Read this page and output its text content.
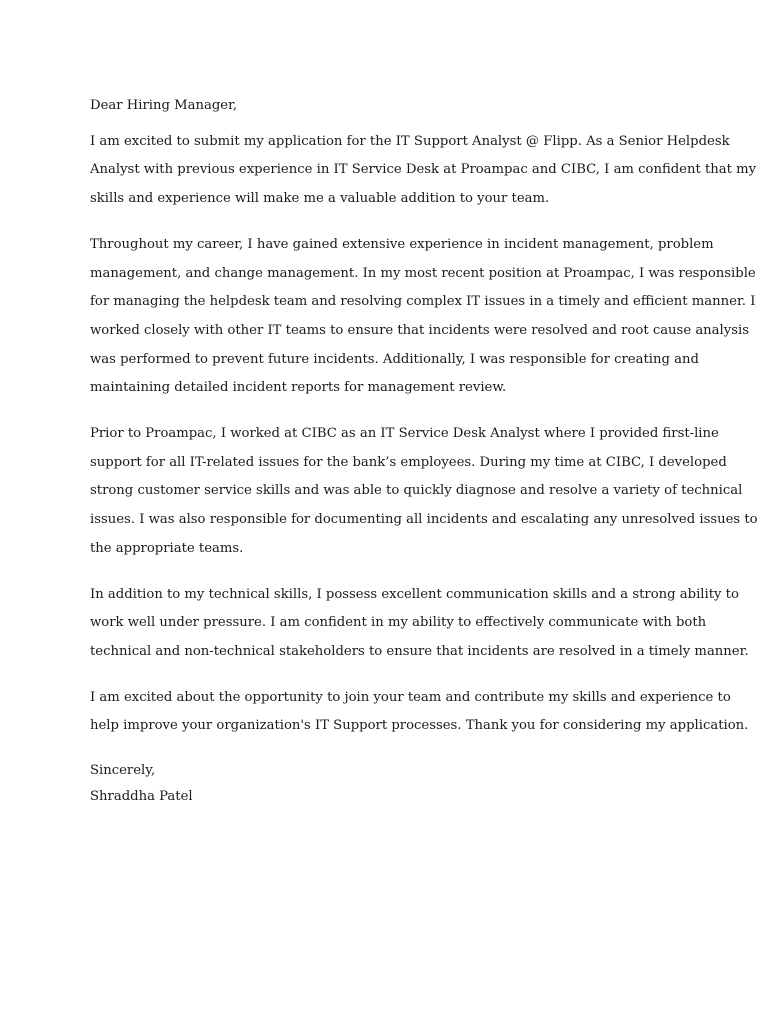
Dear Hiring Manager,
I am excited to submit my application for the IT Support Analyst @ Flipp. As a Senior Helpdesk
Analyst with previous experience in IT Service Desk at Proampac and CIBC, I am confident that my
skills and experience will make me a valuable addition to your team.
Throughout my career, I have gained extensive experience in incident management, problem
management, and change management. In my most recent position at Proampac, I was responsible
for managing the helpdesk team and resolving complex IT issues in a timely and efficient manner. I
worked closely with other IT teams to ensure that incidents were resolved and root cause analysis
was performed to prevent future incidents. Additionally, I was responsible for creating and
maintaining detailed incident reports for management review.
Prior to Proampac, I worked at CIBC as an IT Service Desk Analyst where I provided first-line
support for all IT-related issues for the bank’s employees. During my time at CIBC, I developed
strong customer service skills and was able to quickly diagnose and resolve a variety of technical
issues. I was also responsible for documenting all incidents and escalating any unresolved issues to
the appropriate teams.
In addition to my technical skills, I possess excellent communication skills and a strong ability to
work well under pressure. I am confident in my ability to effectively communicate with both
technical and non-technical stakeholders to ensure that incidents are resolved in a timely manner.
I am excited about the opportunity to join your team and contribute my skills and experience to
help improve your organization's IT Support processes. Thank you for considering my application.
Sincerely,
Shraddha Patel
